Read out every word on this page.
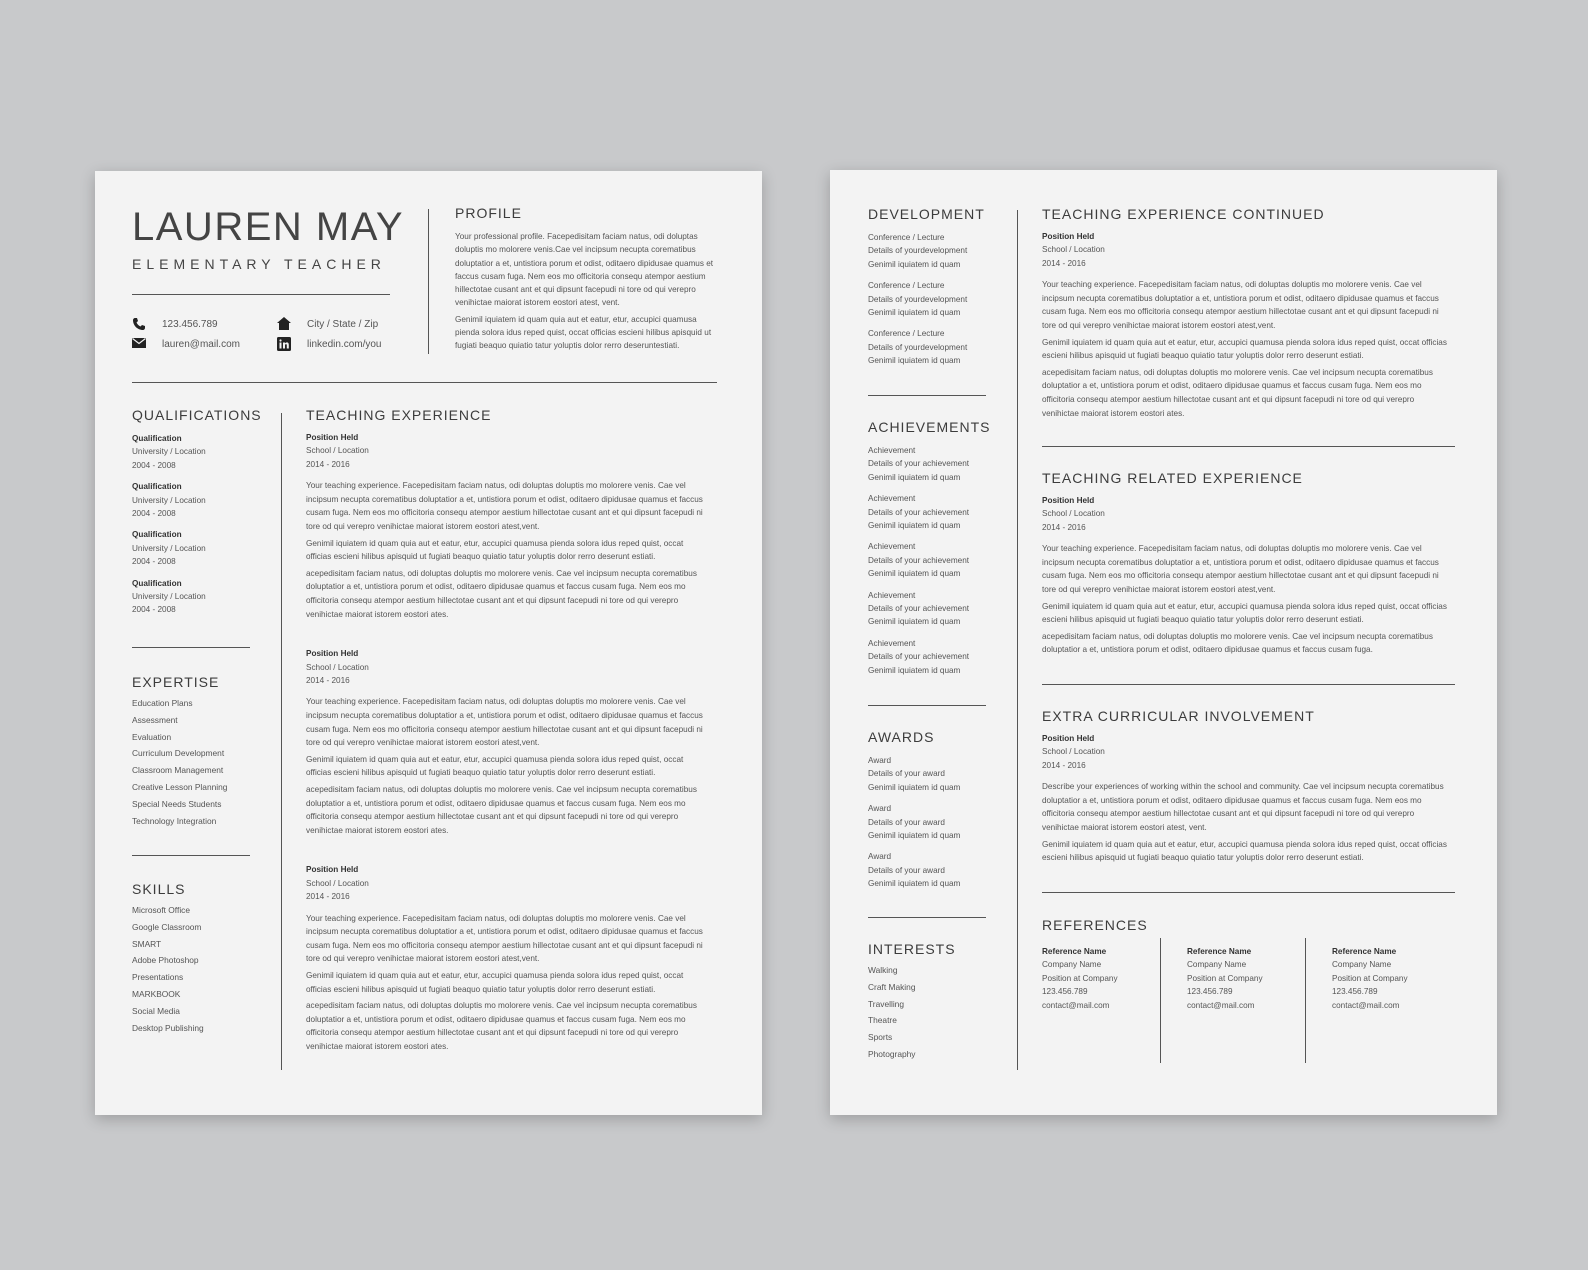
LAUREN MAY
ELEMENTARY TEACHER
123.456.789
lauren@mail.com
City / State / Zip
linkedin.com/you
PROFILE
Your professional profile. Facepedisitam faciam natus, odi doluptas doluptis mo molorere venis.Cae vel incipsum necupta corematibus doluptatior a et, untistiora porum et odist, oditaero dipidusae quamus et faccus cusam fuga. Nem eos mo officitoria consequ atempor aestium hillectotae cusant ant et qui dipsunt facepudi ni tore od qui verepro venihictae maiorat istorem eostori atest, vent.
Genimil iquiatem id quam quia aut et eatur, etur, accupici quamusa pienda solora idus reped quist, occat officias escieni hilibus apisquid ut fugiati beaquo quiatio tatur yoluptis dolor rerro deseruntestiati.
QUALIFICATIONS
Qualification
University / Location
2004 - 2008
Qualification
University / Location
2004 - 2008
Qualification
University / Location
2004 - 2008
Qualification
University / Location
2004 - 2008
EXPERTISE
Education Plans
Assessment
Evaluation
Curriculum Development
Classroom Management
Creative Lesson Planning
Special Needs Students
Technology Integration
SKILLS
Microsoft Office
Google Classroom
SMART
Adobe Photoshop
Presentations
MARKBOOK
Social Media
Desktop Publishing
TEACHING EXPERIENCE
Position Held
School / Location
2014 - 2016
Your teaching experience. Facepedisitam faciam natus, odi doluptas doluptis mo molorere venis. Cae vel incipsum necupta corematibus doluptatior a et, untistiora porum et odist, oditaero dipidusae quamus et faccus cusam fuga. Nem eos mo officitoria consequ atempor aestium hillectotae cusant ant et qui dipsunt facepudi ni tore od qui verepro venihictae maiorat istorem eostori atest,vent.
Genimil iquiatem id quam quia aut et eatur, etur, accupici quamusa pienda solora idus reped quist, occat officias escieni hilibus apisquid ut fugiati beaquo quiatio tatur yoluptis dolor rerro deserunt estiati.
acepedisitam faciam natus, odi doluptas doluptis mo molorere venis. Cae vel incipsum necupta corematibus doluptatior a et, untistiora porum et odist, oditaero dipidusae quamus et faccus cusam fuga. Nem eos mo officitoria consequ atempor aestium hillectotae cusant ant et qui dipsunt facepudi ni tore od qui verepro venihictae maiorat istorem eostori ates.
Position Held
School / Location
2014 - 2016
Your teaching experience. Facepedisitam faciam natus, odi doluptas doluptis mo molorere venis. Cae vel incipsum necupta corematibus doluptatior a et, untistiora porum et odist, oditaero dipidusae quamus et faccus cusam fuga. Nem eos mo officitoria consequ atempor aestium hillectotae cusant ant et qui dipsunt facepudi ni tore od qui verepro venihictae maiorat istorem eostori atest,vent.
Genimil iquiatem id quam quia aut et eatur, etur, accupici quamusa pienda solora idus reped quist, occat officias escieni hilibus apisquid ut fugiati beaquo quiatio tatur yoluptis dolor rerro deserunt estiati.
acepedisitam faciam natus, odi doluptas doluptis mo molorere venis. Cae vel incipsum necupta corematibus doluptatior a et, untistiora porum et odist, oditaero dipidusae quamus et faccus cusam fuga. Nem eos mo officitoria consequ atempor aestium hillectotae cusant ant et qui dipsunt facepudi ni tore od qui verepro venihictae maiorat istorem eostori ates.
Position Held
School / Location
2014 - 2016
Your teaching experience. Facepedisitam faciam natus, odi doluptas doluptis mo molorere venis. Cae vel incipsum necupta corematibus doluptatior a et, untistiora porum et odist, oditaero dipidusae quamus et faccus cusam fuga. Nem eos mo officitoria consequ atempor aestium hillectotae cusant ant et qui dipsunt facepudi ni tore od qui verepro venihictae maiorat istorem eostori atest,vent.
Genimil iquiatem id quam quia aut et eatur, etur, accupici quamusa pienda solora idus reped quist, occat officias escieni hilibus apisquid ut fugiati beaquo quiatio tatur yoluptis dolor rerro deserunt estiati.
acepedisitam faciam natus, odi doluptas doluptis mo molorere venis. Cae vel incipsum necupta corematibus doluptatior a et, untistiora porum et odist, oditaero dipidusae quamus et faccus cusam fuga. Nem eos mo officitoria consequ atempor aestium hillectotae cusant ant et qui dipsunt facepudi ni tore od qui verepro venihictae maiorat istorem eostori ates.
DEVELOPMENT
Conference / Lecture
Details of yourdevelopment
Genimil iquiatem id quam
Conference / Lecture
Details of yourdevelopment
Genimil iquiatem id quam
Conference / Lecture
Details of yourdevelopment
Genimil iquiatem id quam
ACHIEVEMENTS
Achievement
Details of your achievement
Genimil iquiatem id quam
Achievement
Details of your achievement
Genimil iquiatem id quam
Achievement
Details of your achievement
Genimil iquiatem id quam
Achievement
Details of your achievement
Genimil iquiatem id quam
Achievement
Details of your achievement
Genimil iquiatem id quam
AWARDS
Award
Details of your award
Genimil iquiatem id quam
Award
Details of your award
Genimil iquiatem id quam
Award
Details of your award
Genimil iquiatem id quam
INTERESTS
Walking
Craft Making
Travelling
Theatre
Sports
Photography
TEACHING EXPERIENCE CONTINUED
Position Held
School / Location
2014 - 2016
Your teaching experience. Facepedisitam faciam natus, odi doluptas doluptis mo molorere venis. Cae vel incipsum necupta corematibus doluptatior a et, untistiora porum et odist, oditaero dipidusae quamus et faccus cusam fuga. Nem eos mo officitoria consequ atempor aestium hillectotae cusant ant et qui dipsunt facepudi ni tore od qui verepro venihictae maiorat istorem eostori atest,vent.
Genimil iquiatem id quam quia aut et eatur, etur, accupici quamusa pienda solora idus reped quist, occat officias escieni hilibus apisquid ut fugiati beaquo quiatio tatur yoluptis dolor rerro deserunt estiati.
acepedisitam faciam natus, odi doluptas doluptis mo molorere venis. Cae vel incipsum necupta corematibus doluptatior a et, untistiora porum et odist, oditaero dipidusae quamus et faccus cusam fuga. Nem eos mo officitoria consequ atempor aestium hillectotae cusant ant et qui dipsunt facepudi ni tore od qui verepro venihictae maiorat istorem eostori ates.
TEACHING RELATED EXPERIENCE
Position Held
School / Location
2014 - 2016
Your teaching experience. Facepedisitam faciam natus, odi doluptas doluptis mo molorere venis. Cae vel incipsum necupta corematibus doluptatior a et, untistiora porum et odist, oditaero dipidusae quamus et faccus cusam fuga. Nem eos mo officitoria consequ atempor aestium hillectotae cusant ant et qui dipsunt facepudi ni tore od qui verepro venihictae maiorat istorem eostori atest,vent.
Genimil iquiatem id quam quia aut et eatur, etur, accupici quamusa pienda solora idus reped quist, occat officias escieni hilibus apisquid ut fugiati beaquo quiatio tatur yoluptis dolor rerro deserunt estiati.
acepedisitam faciam natus, odi doluptas doluptis mo molorere venis. Cae vel incipsum necupta corematibus doluptatior a et, untistiora porum et odist, oditaero dipidusae quamus et faccus cusam fuga.
EXTRA CURRICULAR INVOLVEMENT
Position Held
School / Location
2014 - 2016
Describe your experiences of working within the school and community. Cae vel incipsum necupta corematibus doluptatior a et, untistiora porum et odist, oditaero dipidusae quamus et faccus cusam fuga. Nem eos mo officitoria consequ atempor aestium hillectotae cusant ant et qui dipsunt facepudi ni tore od qui verepro venihictae maiorat istorem eostori atest, vent.
Genimil iquiatem id quam quia aut et eatur, etur, accupici quamusa pienda solora idus reped quist, occat officias escieni hilibus apisquid ut fugiati beaquo quiatio tatur yoluptis dolor rerro deserunt estiati.
REFERENCES
Reference Name
Company Name
Position at Company
123.456.789
contact@mail.com
Reference Name
Company Name
Position at Company
123.456.789
contact@mail.com
Reference Name
Company Name
Position at Company
123.456.789
contact@mail.com
